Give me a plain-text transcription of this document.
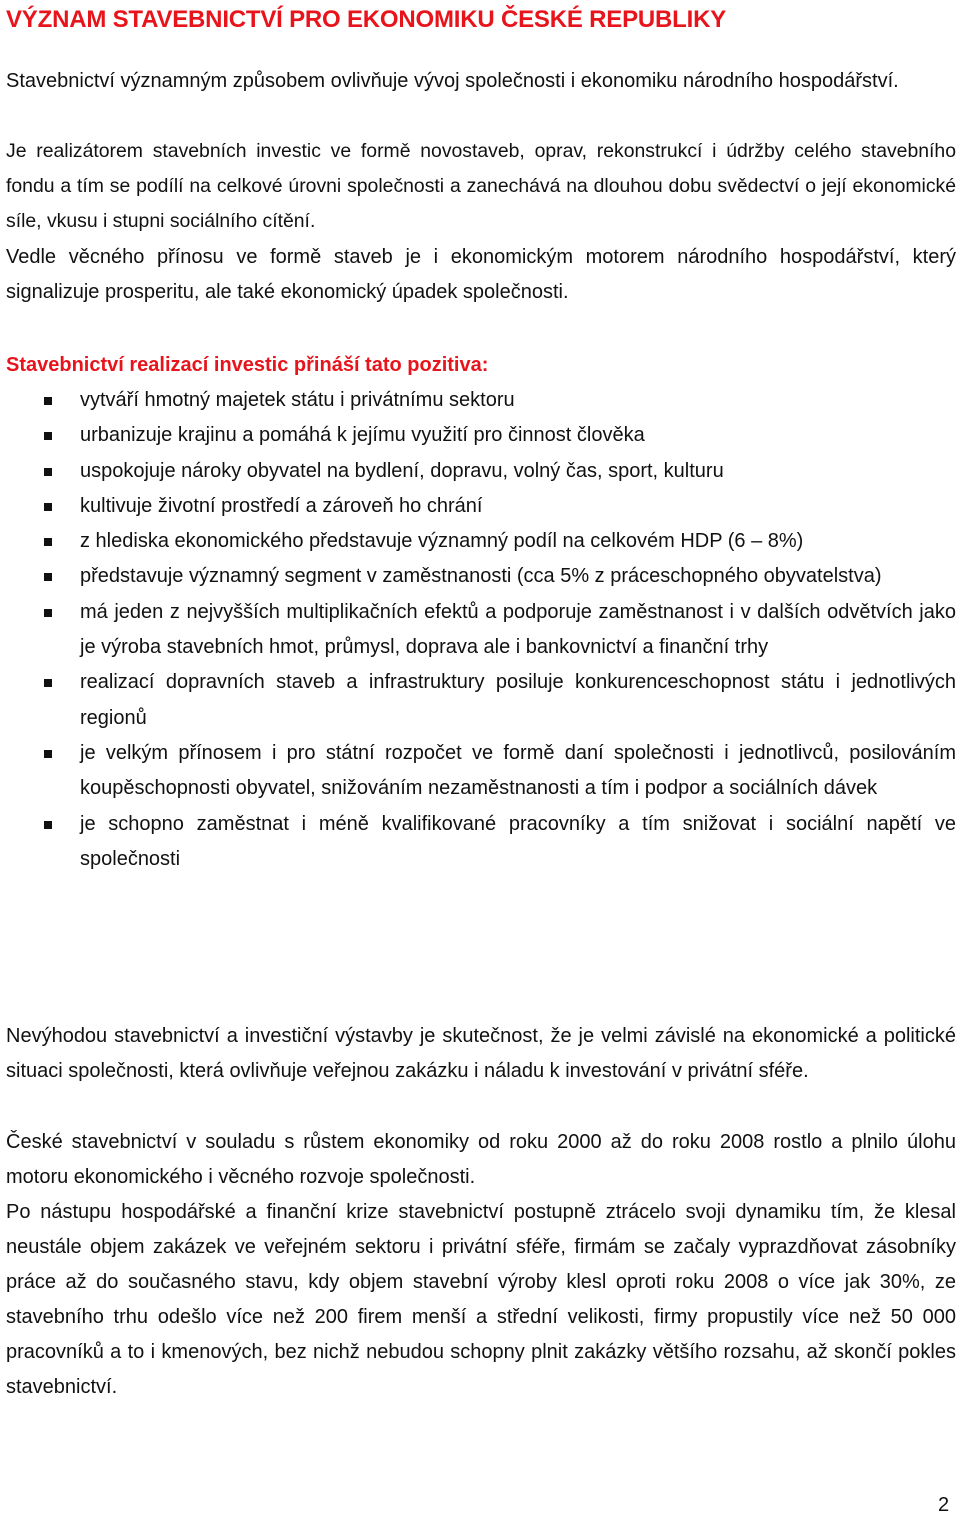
VÝZNAM STAVEBNICTVÍ PRO EKONOMIKU ČESKÉ REPUBLIKY
Stavebnictví významným způsobem ovlivňuje vývoj společnosti i ekonomiku národního hospodářství.
Je realizátorem stavebních investic ve formě novostaveb, oprav, rekonstrukcí i údržby celého stavebního fondu a tím se podílí na celkové úrovni společnosti a zanechává na dlouhou dobu svědectví o její ekonomické síle, vkusu i stupni sociálního cítění.
Vedle věcného přínosu ve formě staveb je i ekonomickým motorem národního hospodářství, který signalizuje prosperitu, ale také ekonomický úpadek společnosti.
Stavebnictví realizací investic přináší tato pozitiva:
vytváří hmotný majetek státu i privátnímu sektoru
urbanizuje krajinu a pomáhá k jejímu využití pro činnost člověka
uspokojuje nároky obyvatel na bydlení, dopravu, volný čas, sport, kulturu
kultivuje životní prostředí a zároveň ho chrání
z hlediska ekonomického představuje významný podíl na celkovém HDP (6 – 8%)
představuje významný segment v zaměstnanosti (cca 5% z práceschopného obyvatelstva)
má jeden z nejvyšších multiplikačních efektů a podporuje zaměstnanost i v dalších odvětvích jako je výroba stavebních hmot, průmysl, doprava ale i bankovnictví a finanční trhy
realizací dopravních staveb a infrastruktury posiluje konkurenceschopnost státu i jednotlivých regionů
je velkým přínosem i pro státní rozpočet ve formě daní společnosti i jednotlivců, posilováním koupěschopnosti obyvatel, snižováním nezaměstnanosti a tím i podpor a sociálních dávek
je schopno zaměstnat i méně kvalifikované pracovníky a tím snižovat i sociální napětí ve společnosti
Nevýhodou stavebnictví a investiční výstavby je skutečnost, že je velmi závislé na ekonomické a politické situaci společnosti, která ovlivňuje veřejnou zakázku i náladu k investování v privátní sféře.
České stavebnictví v souladu s růstem ekonomiky od roku 2000 až do roku 2008 rostlo a plnilo úlohu motoru ekonomického i věcného rozvoje společnosti.
Po nástupu hospodářské a finanční krize stavebnictví postupně ztrácelo svoji dynamiku tím, že klesal neustále objem zakázek ve veřejném sektoru i privátní sféře, firmám se začaly vyprazdňovat zásobníky práce až do současného stavu, kdy objem stavební výroby klesl oproti roku 2008 o více jak 30%, ze stavebního trhu odešlo více než 200 firem menší a střední velikosti, firmy propustily více než 50 000 pracovníků a to i kmenových, bez nichž nebudou schopny plnit zakázky většího rozsahu, až skončí pokles stavebnictví.
2
